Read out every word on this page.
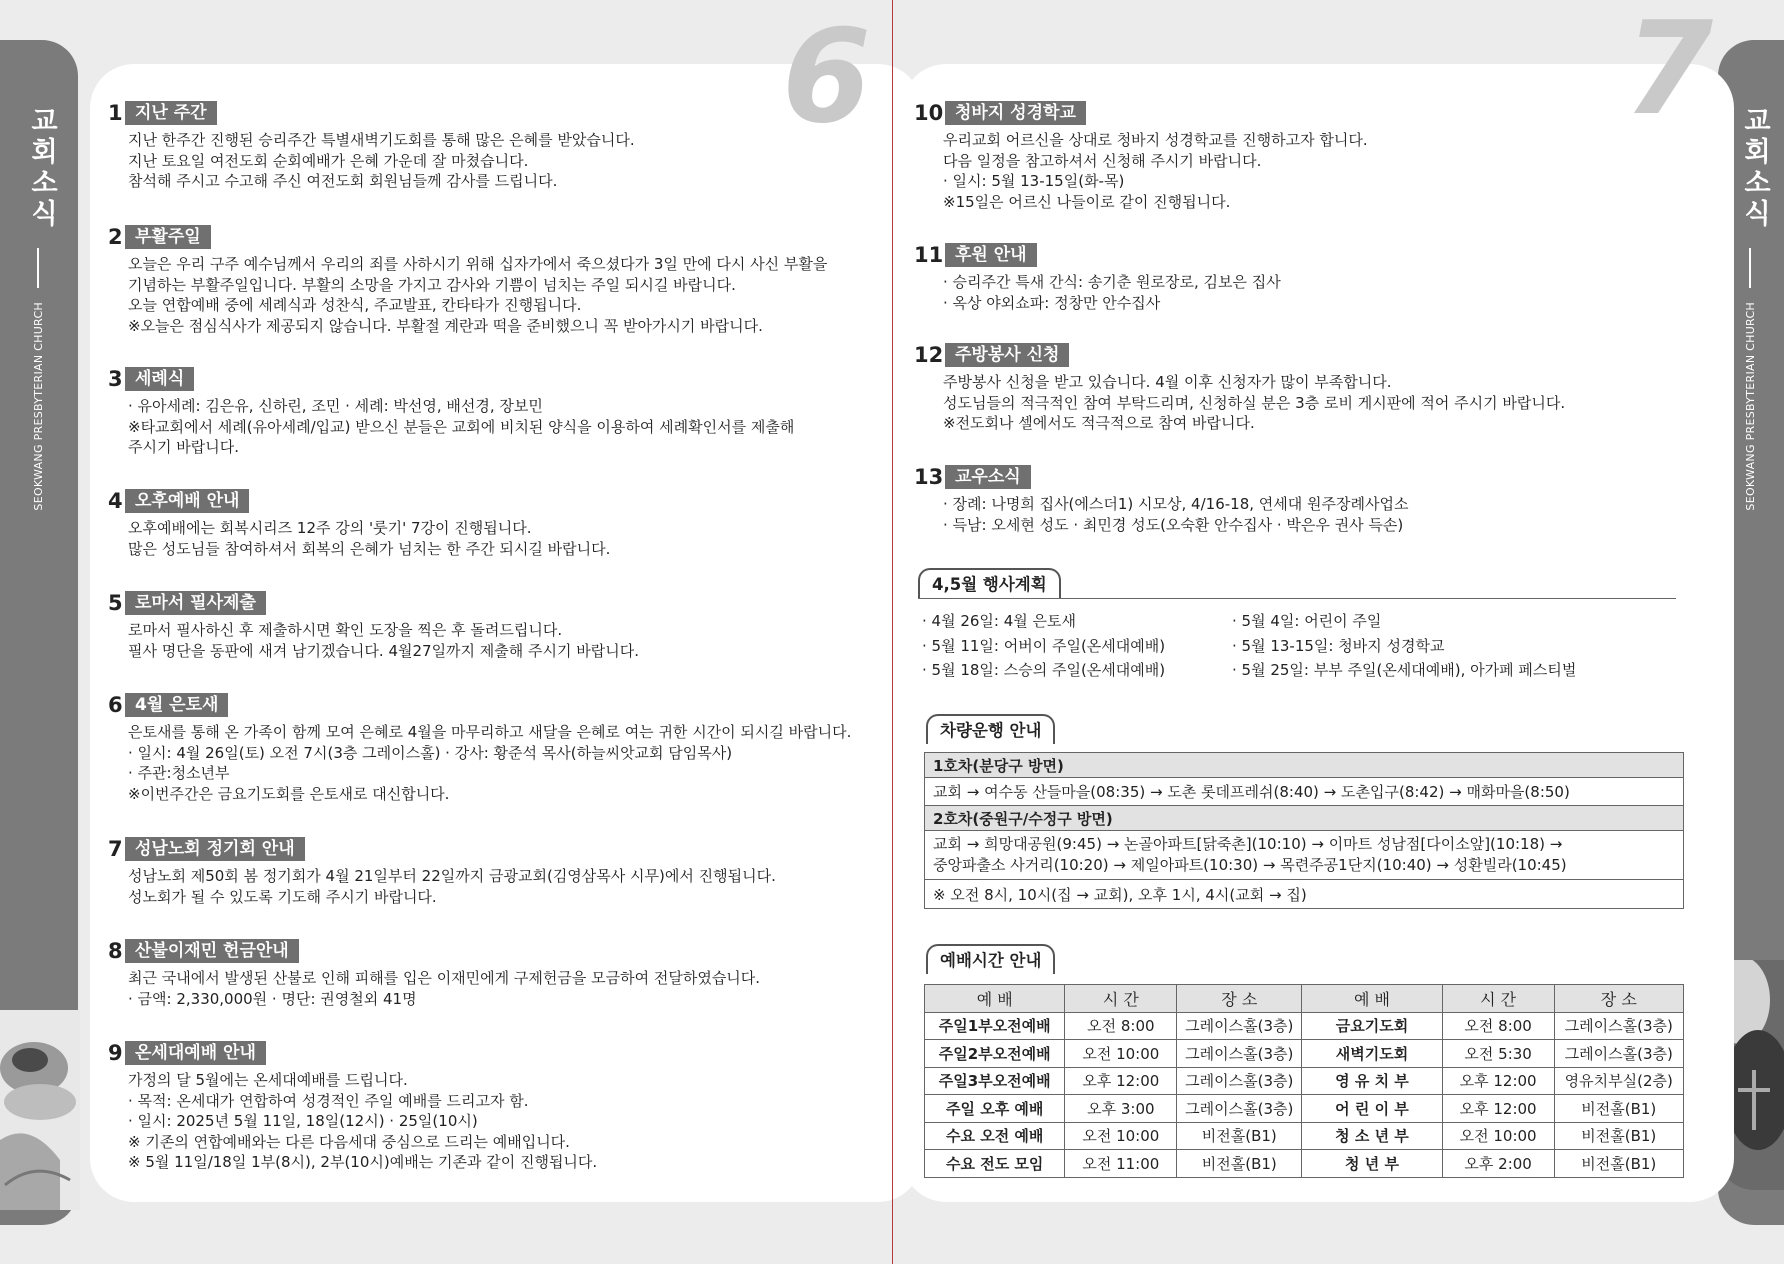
교회소식
SEOKWANG PRESBYTERIAN CHURCH
교회소식
SEOKWANG PRESBYTERIAN CHURCH
6	7
1 지난 주간
지난 한주간 진행된 승리주간 특별새벽기도회를 통해 많은 은혜를 받았습니다.
지난 토요일 여전도회 순회예배가 은혜 가운데 잘 마쳤습니다.
참석해 주시고 수고해 주신 여전도회 회원님들께 감사를 드립니다.
2 부활주일
오늘은 우리 구주 예수님께서 우리의 죄를 사하시기 위해 십자가에서 죽으셨다가 3일 만에 다시 사신 부활을
기념하는 부활주일입니다. 부활의 소망을 가지고 감사와 기쁨이 넘치는 주일 되시길 바랍니다.
오늘 연합예배 중에 세례식과 성찬식, 주교발표, 칸타타가 진행됩니다.
※오늘은 점심식사가 제공되지 않습니다. 부활절 계란과 떡을 준비했으니 꼭 받아가시기 바랍니다.
3 세례식
· 유아세례: 김은유, 신하린, 조민 · 세례: 박선영, 배선경, 장보민
※타교회에서 세례(유아세례/입교) 받으신 분들은 교회에 비치된 양식을 이용하여 세례확인서를 제출해
주시기 바랍니다.
4 오후예배 안내
오후예배에는 회복시리즈 12주 강의 '룻기' 7강이 진행됩니다.
많은 성도님들 참여하셔서 회복의 은혜가 넘치는 한 주간 되시길 바랍니다.
5 로마서 필사제출
로마서 필사하신 후 제출하시면 확인 도장을 찍은 후 돌려드립니다.
필사 명단을 동판에 새겨 남기겠습니다. 4월27일까지 제출해 주시기 바랍니다.
6 4월 은토새
은토새를 통해 온 가족이 함께 모여 은혜로 4월을 마무리하고 새달을 은혜로 여는 귀한 시간이 되시길 바랍니다.
· 일시: 4월 26일(토) 오전 7시(3층 그레이스홀) · 강사: 황준석 목사(하늘씨앗교회 담임목사)
· 주관:청소년부
※이번주간은 금요기도회를 은토새로 대신합니다.
7 성남노회 정기회 안내
성남노회 제50회 봄 정기회가 4월 21일부터 22일까지 금광교회(김영삼목사 시무)에서 진행됩니다.
성노회가 될 수 있도록 기도해 주시기 바랍니다.
8 산불이재민 헌금안내
최근 국내에서 발생된 산불로 인해 피해를 입은 이재민에게 구제헌금을 모금하여 전달하였습니다.
· 금액: 2,330,000원 · 명단: 권영철외 41명
9 온세대예배 안내
가정의 달 5월에는 온세대예배를 드립니다.
· 목적: 온세대가 연합하여 성경적인 주일 예배를 드리고자 함.
· 일시: 2025년 5월 11일, 18일(12시) · 25일(10시)
※ 기존의 연합예배와는 다른 다음세대 중심으로 드리는 예배입니다.
※ 5월 11일/18일 1부(8시), 2부(10시)예배는 기존과 같이 진행됩니다.
10 청바지 성경학교
우리교회 어르신을 상대로 청바지 성경학교를 진행하고자 합니다.
다음 일정을 참고하셔서 신청해 주시기 바랍니다.
· 일시: 5월 13-15일(화-목)
※15일은 어르신 나들이로 같이 진행됩니다.
11 후원 안내
· 승리주간 특새 간식: 송기춘 원로장로, 김보은 집사
· 옥상 야외쇼파: 정창만 안수집사
12 주방봉사 신청
주방봉사 신청을 받고 있습니다. 4월 이후 신청자가 많이 부족합니다.
성도님들의 적극적인 참여 부탁드리며, 신청하실 분은 3층 로비 게시판에 적어 주시기 바랍니다.
※전도회나 셀에서도 적극적으로 참여 바랍니다.
13 교우소식
· 장례: 나명희 집사(에스더1) 시모상, 4/16-18, 연세대 원주장례사업소
· 득남: 오세현 성도 · 최민경 성도(오숙환 안수집사 · 박은우 권사 득손)
4,5월 행사계획
· 4월 26일: 4월 은토새	· 5월 4일: 어린이 주일
· 5월 11일: 어버이 주일(온세대예배)	· 5월 13-15일: 청바지 성경학교
· 5월 18일: 스승의 주일(온세대예배)	· 5월 25일: 부부 주일(온세대예배), 아가페 페스티벌
차량운행 안내
1호차(분당구 방면)
교회 → 여수동 산들마을(08:35) → 도촌 롯데프레쉬(8:40) → 도촌입구(8:42) → 매화마을(8:50)
2호차(중원구/수정구 방면)

교회 → 희망대공원(9:45) → 논골아파트[닭죽촌](10:10) → 이마트 성남점[다이소앞](10:18) →
중앙파출소 사거리(10:20) → 제일아파트(10:30) → 목련주공1단지(10:40) → 성환빌라(10:45)

※ 오전 8시, 10시(집 → 교회), 오후 1시, 4시(교회 → 집)
예배시간 안내
예 배	시 간	장 소	예 배	시 간	장 소
주일1부오전예배	오전 8:00	그레이스홀(3층)	금요기도회	오전 8:00	그레이스홀(3층)
주일2부오전예배	오전 10:00	그레이스홀(3층)	새벽기도회	오전 5:30	그레이스홀(3층)
주일3부오전예배	오후 12:00	그레이스홀(3층)	영 유 치 부	오후 12:00	영유치부실(2층)
주일 오후 예배	오후 3:00	그레이스홀(3층)	어 린 이 부	오후 12:00	비전홀(B1)
수요 오전 예배	오전 10:00	비전홀(B1)	청 소 년 부	오전 10:00	비전홀(B1)
수요 전도 모임	오전 11:00	비전홀(B1)	청 년 부	오후 2:00	비전홀(B1)
